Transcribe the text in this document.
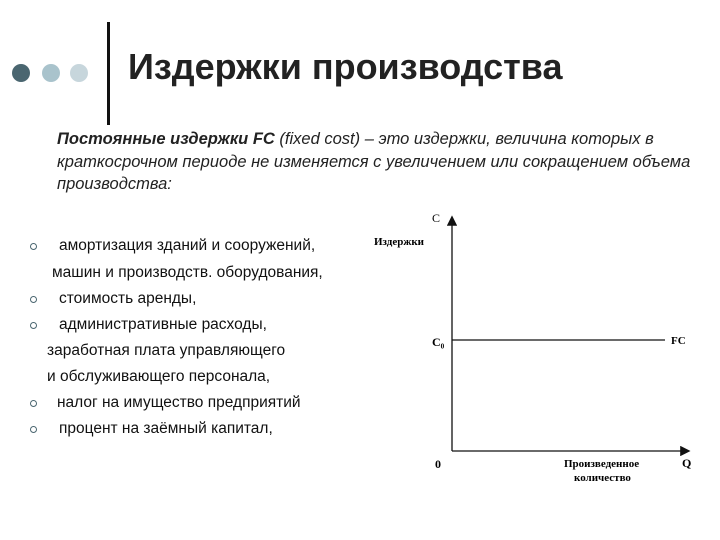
Издержки производства
Постоянные издержки FC (fixed cost) – это издержки, величина которых в краткосрочном периоде не изменяется с увеличением или сокращением объема производства:
амортизация зданий и сооружений,
машин и производств. оборудования,
стоимость аренды,
административные расходы,
заработная плата управляющего
и обслуживающего персонала,
налог на имущество предприятий
процент на заёмный капитал,
C
Издержки
C₀	FC
0	Q
Произведенное
количество
